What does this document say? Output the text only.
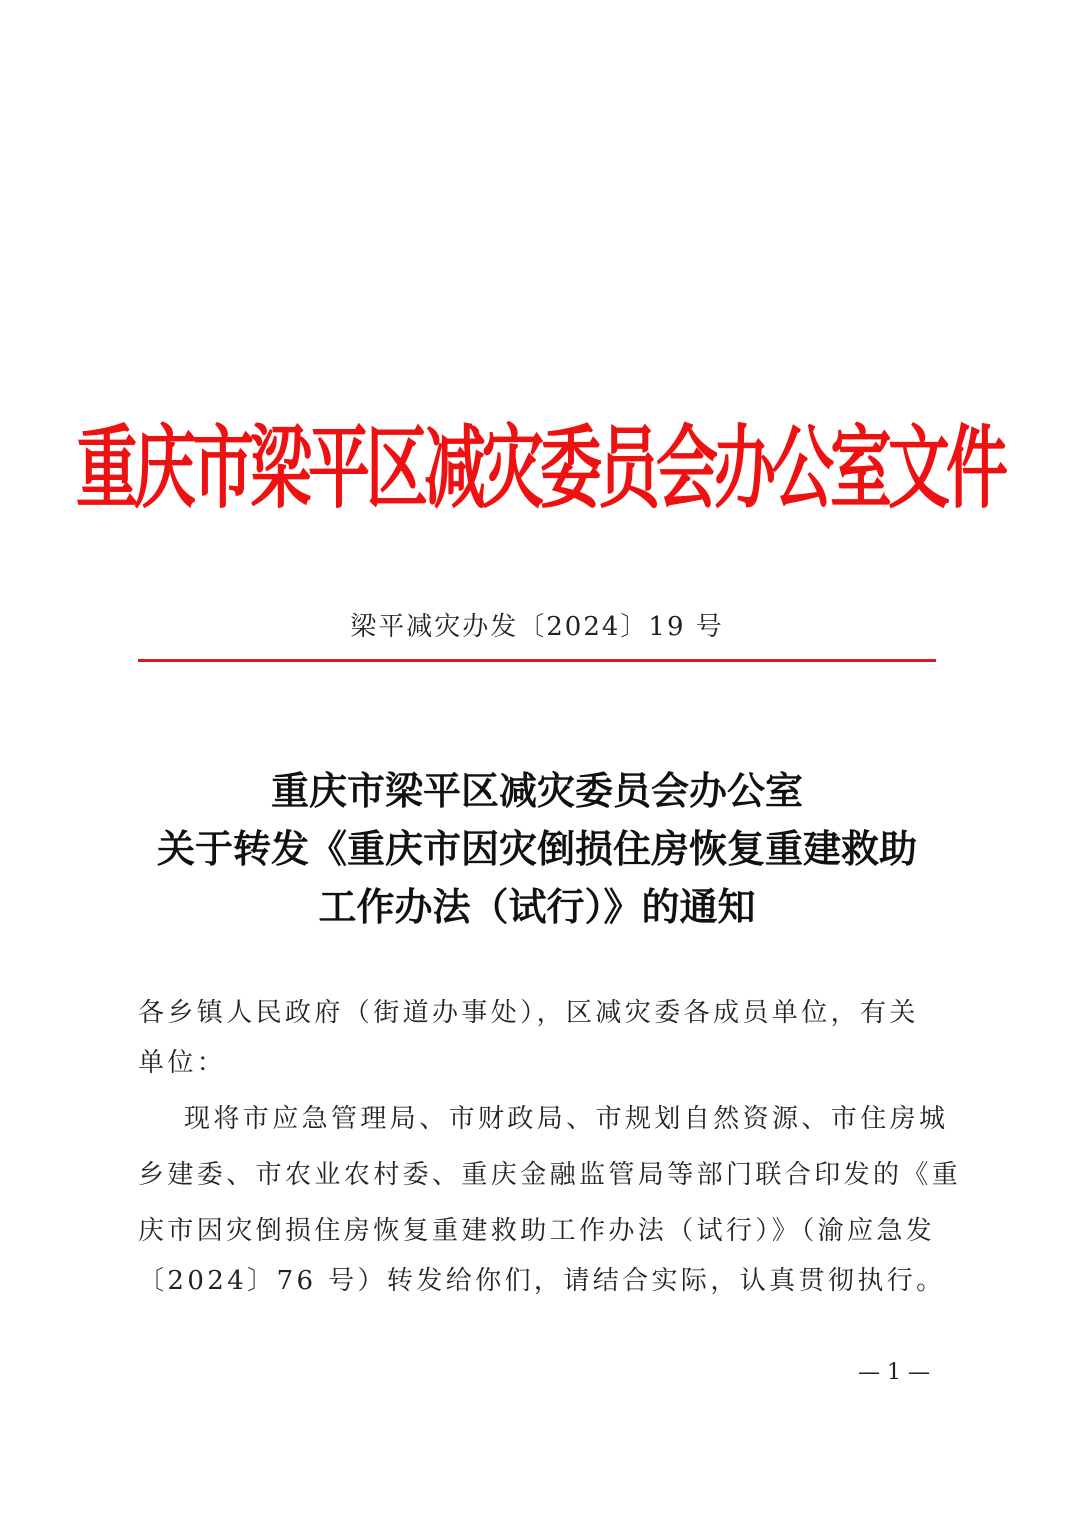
重庆市梁平区减灾委员会办公室文件
梁平减灾办发〔2024〕19 号
重庆市梁平区减灾委员会办公室
关于转发《重庆市因灾倒损住房恢复重建救助
工作办法（试行）》的通知
各乡镇人民政府（街道办事处），区减灾委各成员单位，有关
单位：
现将市应急管理局、市财政局、市规划自然资源、市住房城
乡建委、市农业农村委、重庆金融监管局等部门联合印发的《重
庆市因灾倒损住房恢复重建救助工作办法（试行）》（渝应急发
〔2024〕76 号）转发给你们，请结合实际，认真贯彻执行。
— 1 —
